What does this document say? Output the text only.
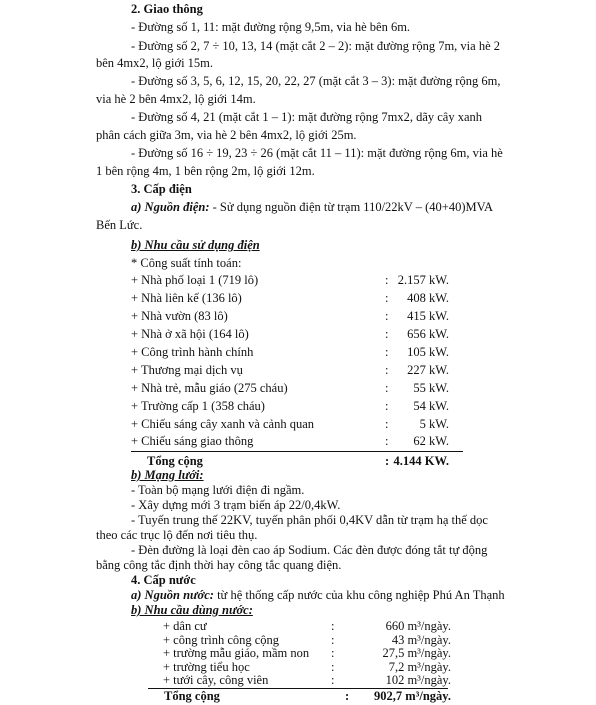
2. Giao thông
- Đường số 1, 11: mặt đường rộng 9,5m, via hè bên 6m.
- Đường số 2, 7 ÷ 10, 13, 14 (mặt cắt 2 – 2): mặt đường rộng 7m, via hè 2
bên 4mx2, lộ giới 15m.
- Đường số 3, 5, 6, 12, 15, 20, 22, 27 (mặt cắt 3 – 3): mặt đường rộng 6m,
via hè 2 bên 4mx2, lộ giới 14m.
- Đường số 4, 21 (mặt cắt 1 – 1): mặt đường rộng 7mx2, dãy cây xanh
phân cách giữa 3m, via hè 2 bên 4mx2, lộ giới 25m.
- Đường số 16 ÷ 19, 23 ÷ 26 (mặt cắt 11 – 11): mặt đường rộng 6m, via hè
1 bên rộng 4m, 1 bên rộng 2m, lộ giới 12m.
3. Cấp điện
a) Nguồn điện: - Sử dụng nguồn điện từ trạm 110/22kV – (40+40)MVA
Bến Lức.
b) Nhu cầu sử dụng điện
* Công suất tính toán:
+ Nhà phố loại 1 (719 lô)	: 2.157 kW.
+ Nhà liên kế (136 lô)	: 408 kW.
+ Nhà vườn (83 lô)	: 415 kW.
+ Nhà ở xã hội (164 lô)	: 656 kW.
+ Công trình hành chính	: 105 kW.
+ Thương mại dịch vụ	: 227 kW.
+ Nhà trẻ, mẫu giáo (275 cháu)	: 55 kW.
+ Trường cấp 1 (358 cháu)	: 54 kW.
+ Chiếu sáng cây xanh và cảnh quan	: 5 kW.
+ Chiếu sáng giao thông	: 62 kW.
Tổng cộng	: 4.144 KW.
b) Mạng lưới:
- Toàn bộ mạng lưới điện đi ngầm.
- Xây dựng mới 3 trạm biến áp 22/0,4kW.
- Tuyến trung thế 22KV, tuyến phân phối 0,4KV dẫn từ trạm hạ thế dọc
theo các trục lộ đến nơi tiêu thụ.
- Đèn đường là loại đèn cao áp Sodium. Các đèn được đóng tắt tự động
bằng công tắc định thời hay công tắc quang điện.
4. Cấp nước
a) Nguồn nước: từ hệ thống cấp nước của khu công nghiệp Phú An Thạnh
b) Nhu cầu dùng nước:
+ dân cư	:	660 m³/ngày.
+ công trình công cộng	:	43 m³/ngày.
+ trường mẫu giáo, mầm non :	27,5 m³/ngày.
+ trường tiểu học	:	7,2 m³/ngày.
+ tưới cây, công viên	:	102 m³/ngày.
Tổng cộng	: 902,7 m³/ngày.
